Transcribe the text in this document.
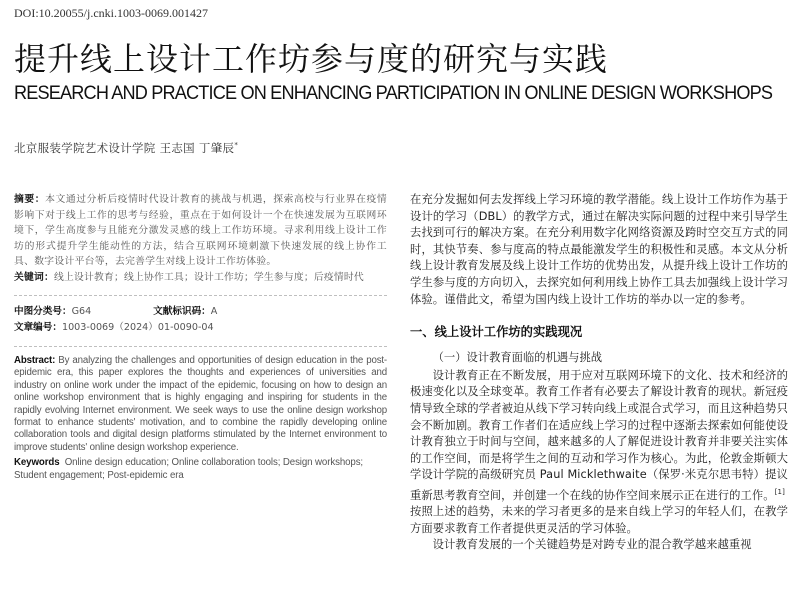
DOI:10.20055/j.cnki.1003-0069.001427
提升线上设计工作坊参与度的研究与实践
RESEARCH AND PRACTICE ON ENHANCING PARTICIPATION IN ONLINE DESIGN WORKSHOPS
北京服装学院艺术设计学院 王志国 丁肇辰*
摘要：本文通过分析后疫情时代设计教育的挑战与机遇，探索高校与行业界在疫情影响下对于线上工作的思考与经验，重点在于如何设计一个在快速发展为互联网环境下，学生高度参与且能充分激发灵感的线上工作坊环境。寻求利用线上设计工作坊的形式提升学生能动性的方法，结合互联网环境刺激下快速发展的线上协作工具、数字设计平台等，去完善学生对线上设计工作坊体验。
关键词：线上设计教育；线上协作工具；设计工作坊；学生参与度；后疫情时代
中图分类号：G64	文献标识码：A
文章编号：1003-0069（2024）01-0090-04
Abstract: By analyzing the challenges and opportunities of design education in the post-epidemic era, this paper explores the thoughts and experiences of universities and industry on online work under the impact of the epidemic, focusing on how to design an online workshop environment that is highly engaging and inspiring for students in the rapidly evolving Internet environment. We seek ways to use the online design workshop format to enhance students' motivation, and to combine the rapidly developing online collaboration tools and digital design platforms stimulated by the Internet environment to improve students' online design workshop experience.
Keywords Online design education; Online collaboration tools; Design workshops; Student engagement; Post-epidemic era

在充分发掘如何去发挥线上学习环境的教学潜能。线上设计工作坊作为基于设计的学习（DBL）的教学方式，通过在解决实际问题的过程中来引导学生去找到可行的解决方案。在充分利用数字化网络资源及跨时空交互方式的同时，其快节奏、参与度高的特点最能激发学生的积极性和灵感。本文从分析线上设计教育发展及线上设计工作坊的优势出发，从提升线上设计工作坊的学生参与度的方向切入，去探究如何利用线上协作工具去加强线上设计学习体验。谨借此文，希望为国内线上设计工作坊的举办以一定的参考。

一、线上设计工作坊的实践现况
（一）设计教育面临的机遇与挑战

设计教育正在不断发展，用于应对互联网环境下的文化、技术和经济的极速变化以及全球变革。教育工作者有必要去了解设计教育的现状。新冠疫情导致全球的学者被迫从线下学习转向线上或混合式学习，而且这种趋势只会不断加剧。教育工作者们在适应线上学习的过程中逐渐去探索如何能使设计教育独立于时间与空间，越来越多的人了解促进设计教育并非要关注实体的工作空间，而是将学生之间的互动和学习作为核心。为此，伦敦金斯顿大学设计学院的高级研究员 Paul Micklethwaite（保罗·米克尔思韦特）提议重新思考教育空间，并创建一个在线的协作空间来展示正在进行的工作。[1]

按照上述的趋势，未来的学习者更多的是来自线上学习的年轻人们，在教学方面要求教育工作者提供更灵活的学习体验。

设计教育发展的一个关键趋势是对跨专业的混合教学越来越重视
